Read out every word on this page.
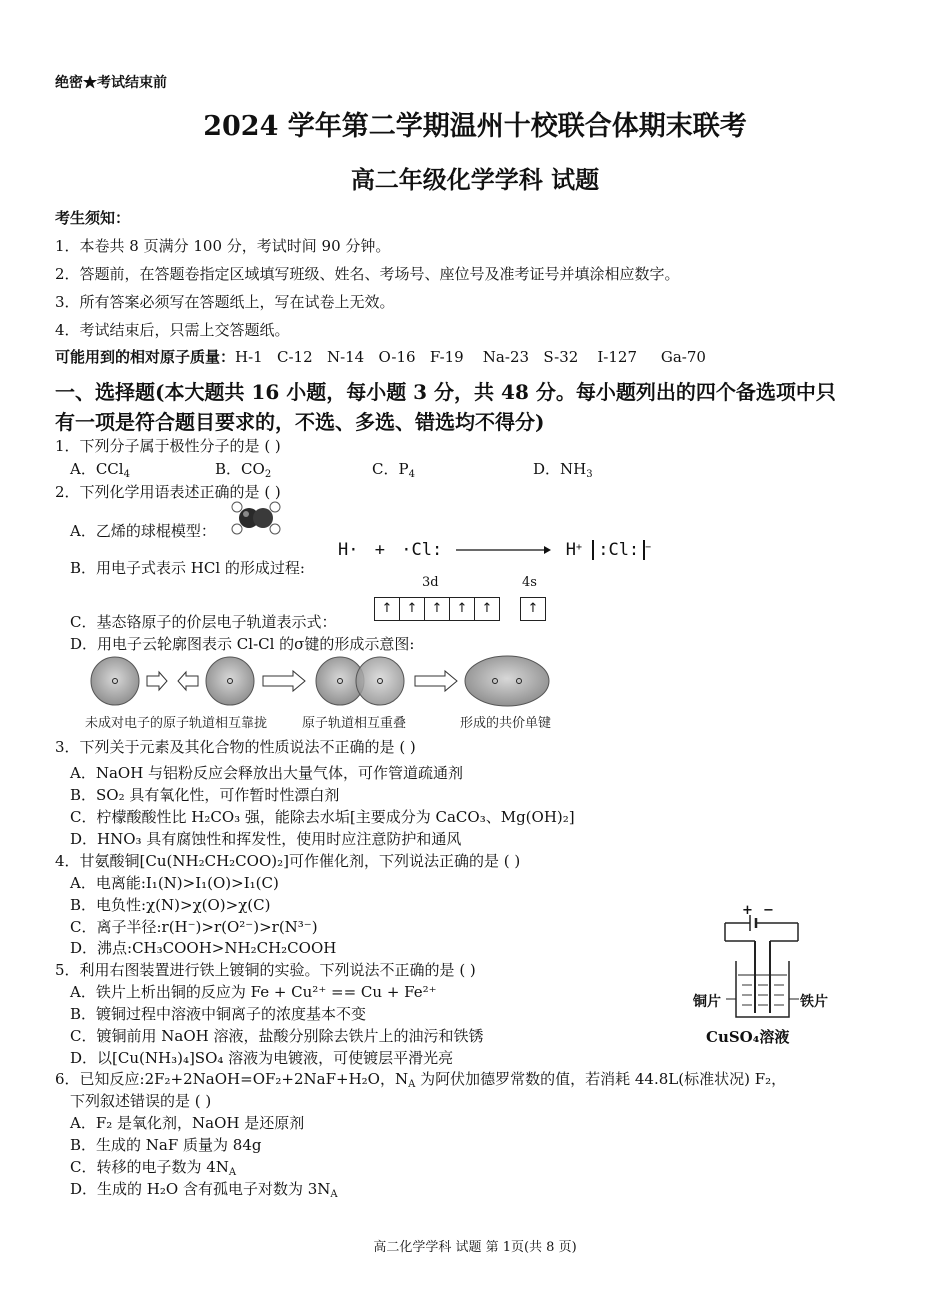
绝密★考试结束前
2024 学年第二学期温州十校联合体期末联考
高二年级化学学科 试题
考生须知：
1．本卷共 8 页满分 100 分，考试时间 90 分钟。
2．答题前，在答题卷指定区域填写班级、姓名、考场号、座位号及准考证号并填涂相应数字。
3．所有答案必须写在答题纸上，写在试卷上无效。
4．考试结束后，只需上交答题纸。
可能用到的相对原子质量：H-1   C-12   N-14   O-16   F-19    Na-23   S-32    I-127     Ga-70
一、选择题(本大题共 16 小题，每小题 3 分，共 48 分。每小题列出的四个备选项中只
有一项是符合题目要求的，不选、多选、错选均不得分)
1．下列分子属于极性分子的是 ( )
A．CCl$_4$	B．$CO_2$	C．$P_4$	D．$NH_3$
2．下列化学用语表述正确的是 ( )
A．乙烯的球棍模型：
B．用电子式表示 HCl 的形成过程:
H· + ·Cl:	H+ :Cl: −
3d	4s
C．基态铬原子的价层电子轨道表示式：
↑ ↑ ↑ ↑ ↑	↑
D．用电子云轮廓图表示 Cl-Cl 的σ键的形成示意图:
未成对电子的原子轨道相互靠拢	原子轨道相互重叠	形成的共价单键
3．下列关于元素及其化合物的性质说法不正确的是 ( )
A．NaOH 与铝粉反应会释放出大量气体，可作管道疏通剂
B．SO₂ 具有氧化性，可作暂时性漂白剂
C．柠檬酸酸性比 H₂CO₃ 强，能除去水垢[主要成分为 CaCO₃、Mg(OH)₂]
D．HNO₃ 具有腐蚀性和挥发性，使用时应注意防护和通风
4．甘氨酸铜[Cu(NH₂CH₂COO)₂]可作催化剂，下列说法正确的是 ( )
A．电离能:I₁(N)>I₁(O)>I₁(C)
B．电负性:χ(N)>χ(O)>χ(C)
C．离子半径:r(H⁻)>r(O²⁻)>r(N³⁻)
D．沸点:CH₃COOH>NH₂CH₂COOH
5．利用右图装置进行铁上镀铜的实验。下列说法不正确的是 ( )
A．铁片上析出铜的反应为 Fe + Cu²⁺ == Cu + Fe²⁺
B．镀铜过程中溶液中铜离子的浓度基本不变
C．镀铜前用 NaOH 溶液，盐酸分别除去铁片上的油污和铁锈
D．以[Cu(NH₃)₄]SO₄ 溶液为电镀液，可使镀层平滑光亮
+ −
铜片	铁片
CuSO₄溶液
6．已知反应:2F₂+2NaOH=OF₂+2NaF+H₂O，$N_A$ 为阿伏加德罗常数的值，若消耗 44.8L(标准状况) F₂，
下列叙述错误的是 ( )
A．F₂ 是氧化剂，NaOH 是还原剂
B．生成的 NaF 质量为 84g
C．转移的电子数为 $4N_A$
D．生成的 H₂O 含有孤电子对数为 $3N_A$
高二化学学科 试题 第 1页(共 8 页)
